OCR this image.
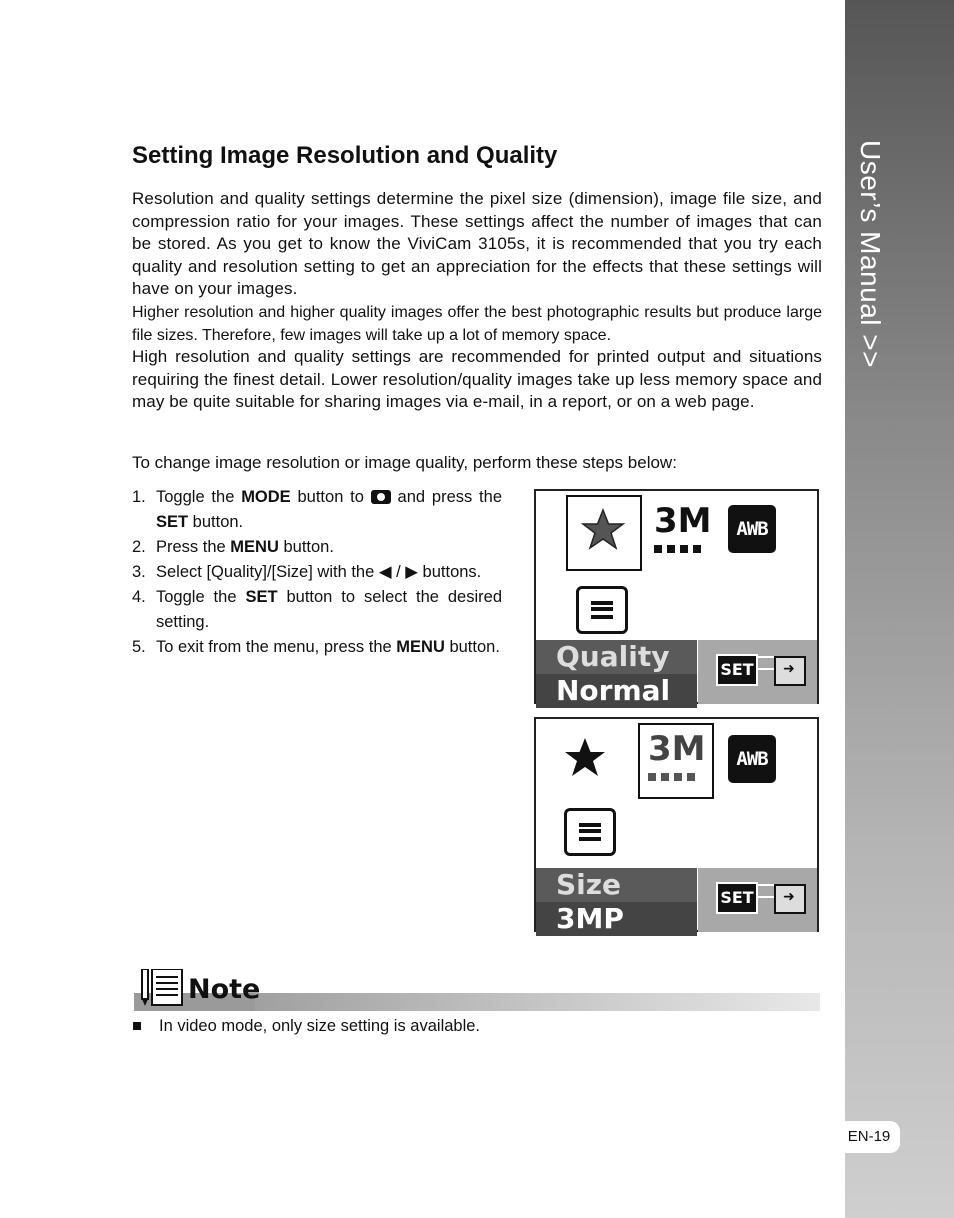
User’s Manual >>
EN-19
Setting Image Resolution and Quality

Resolution and quality settings determine the pixel size (dimension), image file size, and compression ratio for your images. These settings affect the number of images that can be stored. As you get to know the ViviCam 3105s, it is recommended that you try each quality and resolution setting to get an appreciation for the effects that these settings will have on your images.

Higher resolution and higher quality images offer the best photographic results but produce large file sizes. Therefore, few images will take up a lot of memory space.

High resolution and quality settings are recommended for printed output and situations requiring the finest detail. Lower resolution/quality images take up less memory space and may be quite suitable for sharing images via e-mail, in a report, or on a web page.

To change image resolution or image quality, perform these steps below:

1. Toggle the MODE button to  and press the SET button.
2. Press the MENU button.
3. Select [Quality]/[Size] with the ◀ / ▶ buttons.
4. Toggle the SET button to select the desired setting.
5. To exit from the menu, press the MENU button.
3M	AWB
Quality
Normal
SET
➜
3M	AWB
Size
3MP
SET
➜
Note
In video mode, only size setting is available.
